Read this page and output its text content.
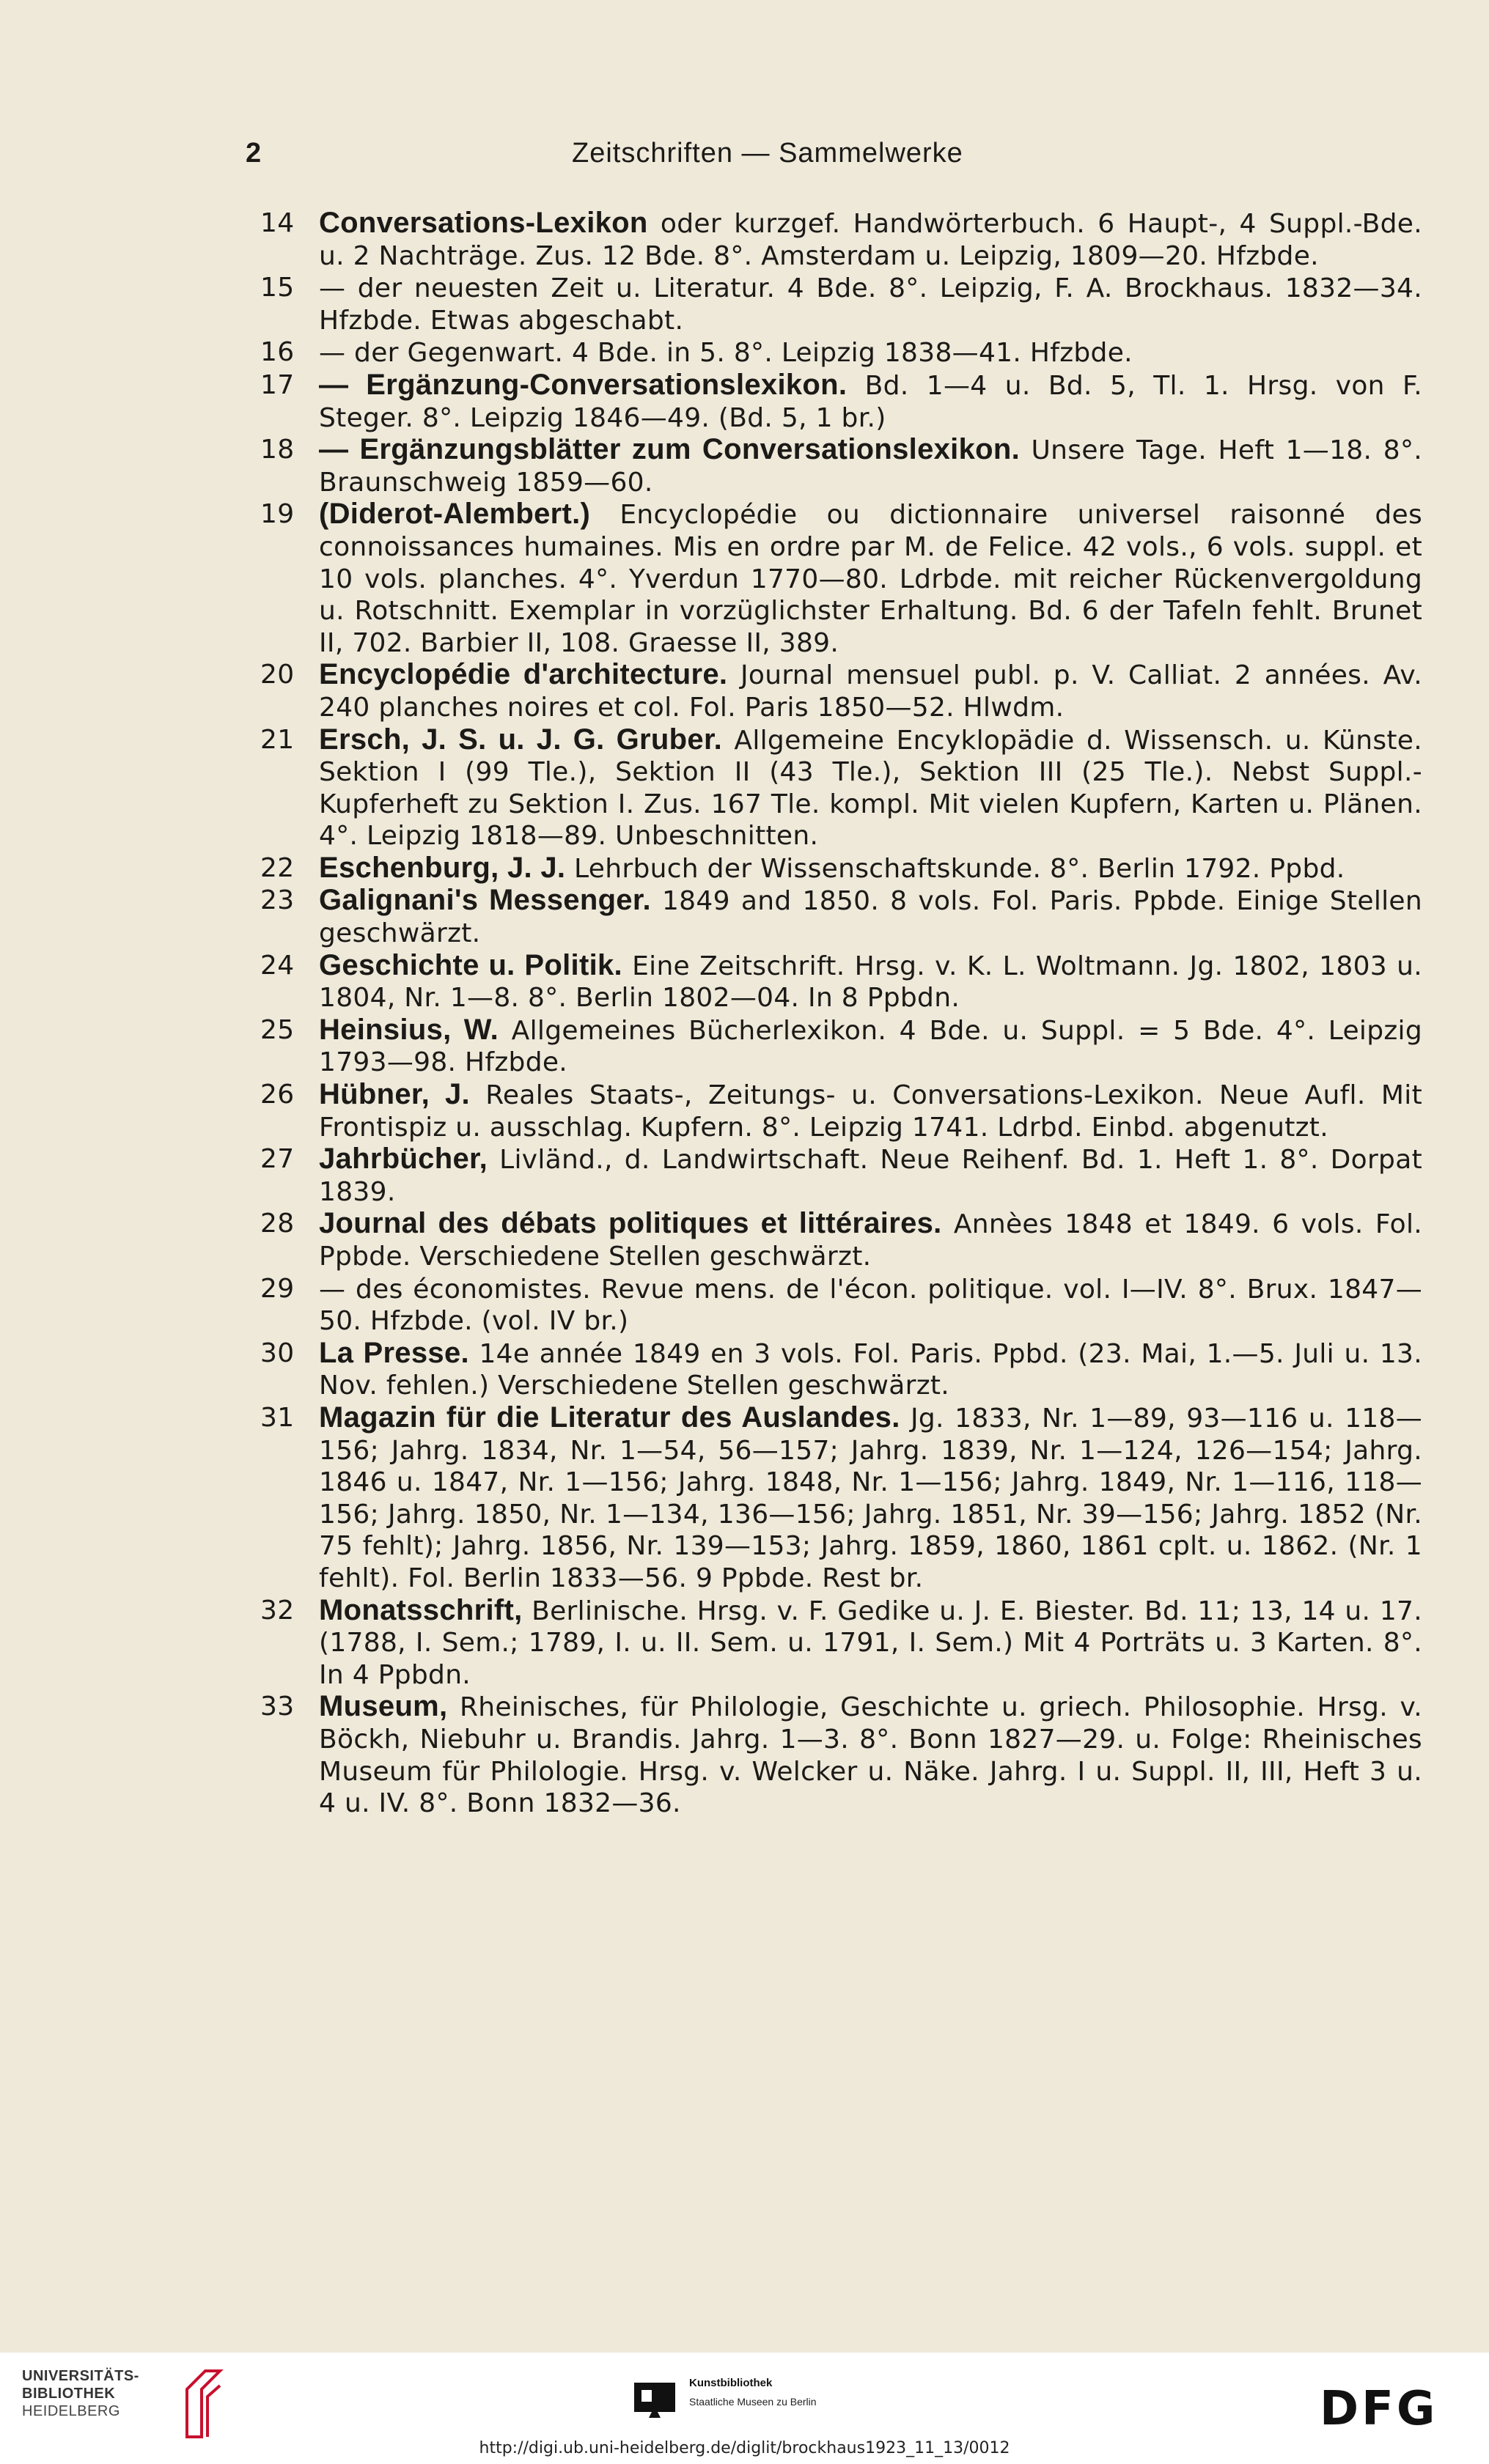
2	Zeitschriften — Sammelwerke
14 Conversations-Lexikon oder kurzgef. Handwörterbuch. 6 Haupt-, 4 Suppl.-Bde. u. 2 Nachträge. Zus. 12 Bde. 8°. Amsterdam u. Leipzig, 1809—20. Hfzbde.
15 — der neuesten Zeit u. Literatur. 4 Bde. 8°. Leipzig, F. A. Brockhaus. 1832—34. Hfzbde. Etwas abgeschabt.
16 — der Gegenwart. 4 Bde. in 5. 8°. Leipzig 1838—41. Hfzbde.
17 — Ergänzung-Conversationslexikon. Bd. 1—4 u. Bd. 5, Tl. 1. Hrsg. von F. Steger. 8°. Leipzig 1846—49. (Bd. 5, 1 br.)
18 — Ergänzungsblätter zum Conversationslexikon. Unsere Tage. Heft 1—18. 8°. Braunschweig 1859—60.
19 (Diderot-Alembert.) Encyclopédie ou dictionnaire universel raisonné des connoissances humaines. Mis en ordre par M. de Felice. 42 vols., 6 vols. suppl. et 10 vols. planches. 4°. Yverdun 1770—80. Ldrbde. mit reicher Rückenvergoldung u. Rotschnitt. Exemplar in vorzüglichster Erhaltung. Bd. 6 der Tafeln fehlt. Brunet II, 702. Barbier II, 108. Graesse II, 389.
20 Encyclopédie d'architecture. Journal mensuel publ. p. V. Calliat. 2 années. Av. 240 planches noires et col. Fol. Paris 1850—52. Hlwdm.
21 Ersch, J. S. u. J. G. Gruber. Allgemeine Encyklopädie d. Wissensch. u. Künste. Sektion I (99 Tle.), Sektion II (43 Tle.), Sektion III (25 Tle.). Nebst Suppl.-Kupferheft zu Sektion I. Zus. 167 Tle. kompl. Mit vielen Kupfern, Karten u. Plänen. 4°. Leipzig 1818—89. Unbeschnitten.
22 Eschenburg, J. J. Lehrbuch der Wissenschaftskunde. 8°. Berlin 1792. Ppbd.
23 Galignani's Messenger. 1849 and 1850. 8 vols. Fol. Paris. Ppbde. Einige Stellen geschwärzt.
24 Geschichte u. Politik. Eine Zeitschrift. Hrsg. v. K. L. Woltmann. Jg. 1802, 1803 u. 1804, Nr. 1—8. 8°. Berlin 1802—04. In 8 Ppbdn.
25 Heinsius, W. Allgemeines Bücherlexikon. 4 Bde. u. Suppl. = 5 Bde. 4°. Leipzig 1793—98. Hfzbde.
26 Hübner, J. Reales Staats-, Zeitungs- u. Conversations-Lexikon. Neue Aufl. Mit Frontispiz u. ausschlag. Kupfern. 8°. Leipzig 1741. Ldrbd. Einbd. abgenutzt.
27 Jahrbücher, Livländ., d. Landwirtschaft. Neue Reihenf. Bd. 1. Heft 1. 8°. Dorpat 1839.
28 Journal des débats politiques et littéraires. Annèes 1848 et 1849. 6 vols. Fol. Ppbde. Verschiedene Stellen geschwärzt.
29 — des économistes. Revue mens. de l'écon. politique. vol. I—IV. 8°. Brux. 1847—50. Hfzbde. (vol. IV br.)
30 La Presse. 14e année 1849 en 3 vols. Fol. Paris. Ppbd. (23. Mai, 1.—5. Juli u. 13. Nov. fehlen.) Verschiedene Stellen geschwärzt.
31 Magazin für die Literatur des Auslandes. Jg. 1833, Nr. 1—89, 93—116 u. 118—156; Jahrg. 1834, Nr. 1—54, 56—157; Jahrg. 1839, Nr. 1—124, 126—154; Jahrg. 1846 u. 1847, Nr. 1—156; Jahrg. 1848, Nr. 1—156; Jahrg. 1849, Nr. 1—116, 118—156; Jahrg. 1850, Nr. 1—134, 136—156; Jahrg. 1851, Nr. 39—156; Jahrg. 1852 (Nr. 75 fehlt); Jahrg. 1856, Nr. 139—153; Jahrg. 1859, 1860, 1861 cplt. u. 1862. (Nr. 1 fehlt). Fol. Berlin 1833—56. 9 Ppbde. Rest br.
32 Monatsschrift, Berlinische. Hrsg. v. F. Gedike u. J. E. Biester. Bd. 11; 13, 14 u. 17. (1788, I. Sem.; 1789, I. u. II. Sem. u. 1791, I. Sem.) Mit 4 Porträts u. 3 Karten. 8°. In 4 Ppbdn.
33 Museum, Rheinisches, für Philologie, Geschichte u. griech. Philosophie. Hrsg. v. Böckh, Niebuhr u. Brandis. Jahrg. 1—3. 8°. Bonn 1827—29. u. Folge: Rheinisches Museum für Philologie. Hrsg. v. Welcker u. Näke. Jahrg. I u. Suppl. II, III, Heft 3 u. 4 u. IV. 8°. Bonn 1832—36.
UNIVERSITÄTS-
BIBLIOTHEK
HEIDELBERG
Kunstbibliothek
Staatliche Museen zu Berlin	DFG
http://digi.ub.uni-heidelberg.de/diglit/brockhaus1923_11_13/0012
